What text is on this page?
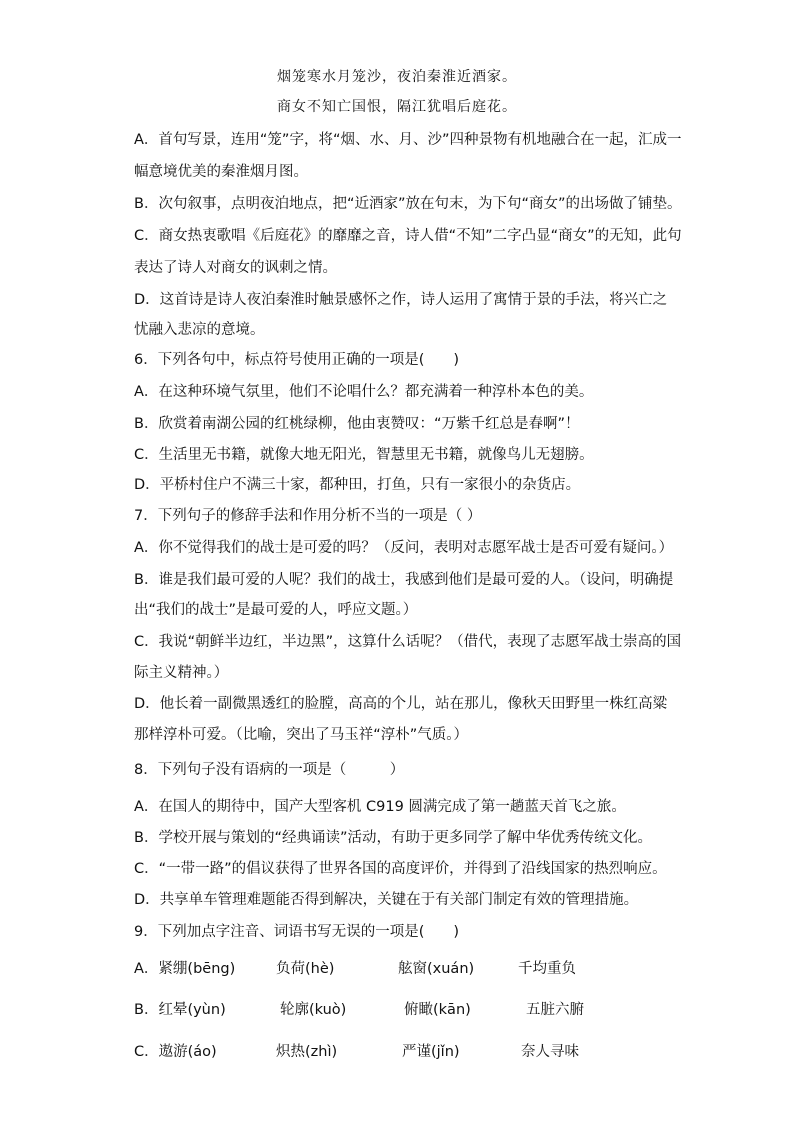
烟笼寒水月笼沙，夜泊秦淮近酒家。
商女不知亡国恨，隔江犹唱后庭花。
A．首句写景，连用“笼”字，将“烟、水、月、沙”四种景物有机地融合在一起，汇成一
幅意境优美的秦淮烟月图。
B．次句叙事，点明夜泊地点，把“近酒家”放在句末，为下句“商女”的出场做了铺垫。
C．商女热衷歌唱《后庭花》的靡靡之音，诗人借“不知”二字凸显“商女”的无知，此句
表达了诗人对商女的讽刺之情。
D．这首诗是诗人夜泊秦淮时触景感怀之作，诗人运用了寓情于景的手法，将兴亡之
忧融入悲凉的意境。
6．下列各句中，标点符号使用正确的一项是(　　)
A．在这种环境气氛里，他们不论唱什么？都充满着一种淳朴本色的美。
B．欣赏着南湖公园的红桃绿柳，他由衷赞叹：“万紫千红总是春啊”！
C．生活里无书籍，就像大地无阳光，智慧里无书籍，就像鸟儿无翅膀。
D．平桥村住户不满三十家，都种田，打鱼，只有一家很小的杂货店。
7．下列句子的修辞手法和作用分析不当的一项是（ ）
A．你不觉得我们的战士是可爱的吗？（反问，表明对志愿军战士是否可爱有疑问。）
B．谁是我们最可爱的人呢？我们的战士，我感到他们是最可爱的人。（设问，明确提
出“我们的战士”是最可爱的人，呼应文题。）
C．我说“朝鲜半边红，半边黑”，这算什么话呢？（借代，表现了志愿军战士崇高的国
际主义精神。）
D．他长着一副微黑透红的脸膛，高高的个儿，站在那儿，像秋天田野里一株红高粱
那样淳朴可爱。（比喻，突出了马玉祥“淳朴”气质。）
8．下列句子没有语病的一项是（　　　）
A．在国人的期待中，国产大型客机 C919 圆满完成了第一趟蓝天首飞之旅。
B．学校开展与策划的“经典诵读”活动，有助于更多同学了解中华优秀传统文化。
C．“一带一路”的倡议获得了世界各国的高度评价，并得到了沿线国家的热烈响应。
D．共享单车管理难题能否得到解决，关键在于有关部门制定有效的管理措施。
9．下列加点字注音、词语书写无误的一项是(　　)
A．紧绷(bēng)	负荷(hè)	舷窗(xuán)	千均重负
B．红晕(yùn)	轮廓(kuò)	俯瞰(kān)	五脏六腑
C．遨游(áo)	炽热(zhì)	严谨(jǐn)	奈人寻味
